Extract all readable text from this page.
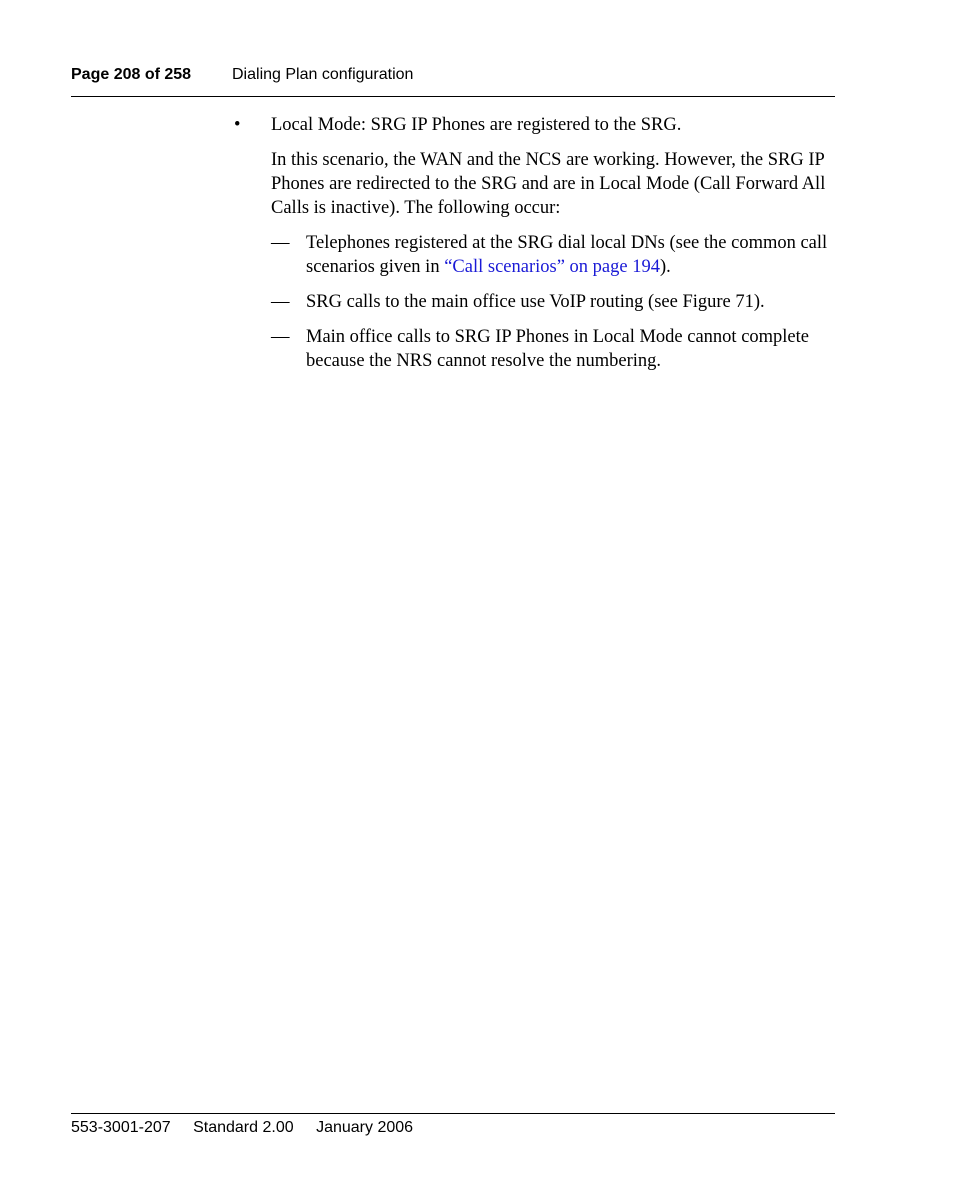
Page 208 of 258	Dialing Plan configuration
• Local Mode: SRG IP Phones are registered to the SRG.
In this scenario, the WAN and the NCS are working. However, the SRG IP Phones are redirected to the SRG and are in Local Mode (Call Forward All Calls is inactive). The following occur:
— Telephones registered at the SRG dial local DNs (see the common call scenarios given in “Call scenarios” on page 194).
— SRG calls to the main office use VoIP routing (see Figure 71).
— Main office calls to SRG IP Phones in Local Mode cannot complete because the NRS cannot resolve the numbering.
553-3001-207 Standard 2.00 January 2006
